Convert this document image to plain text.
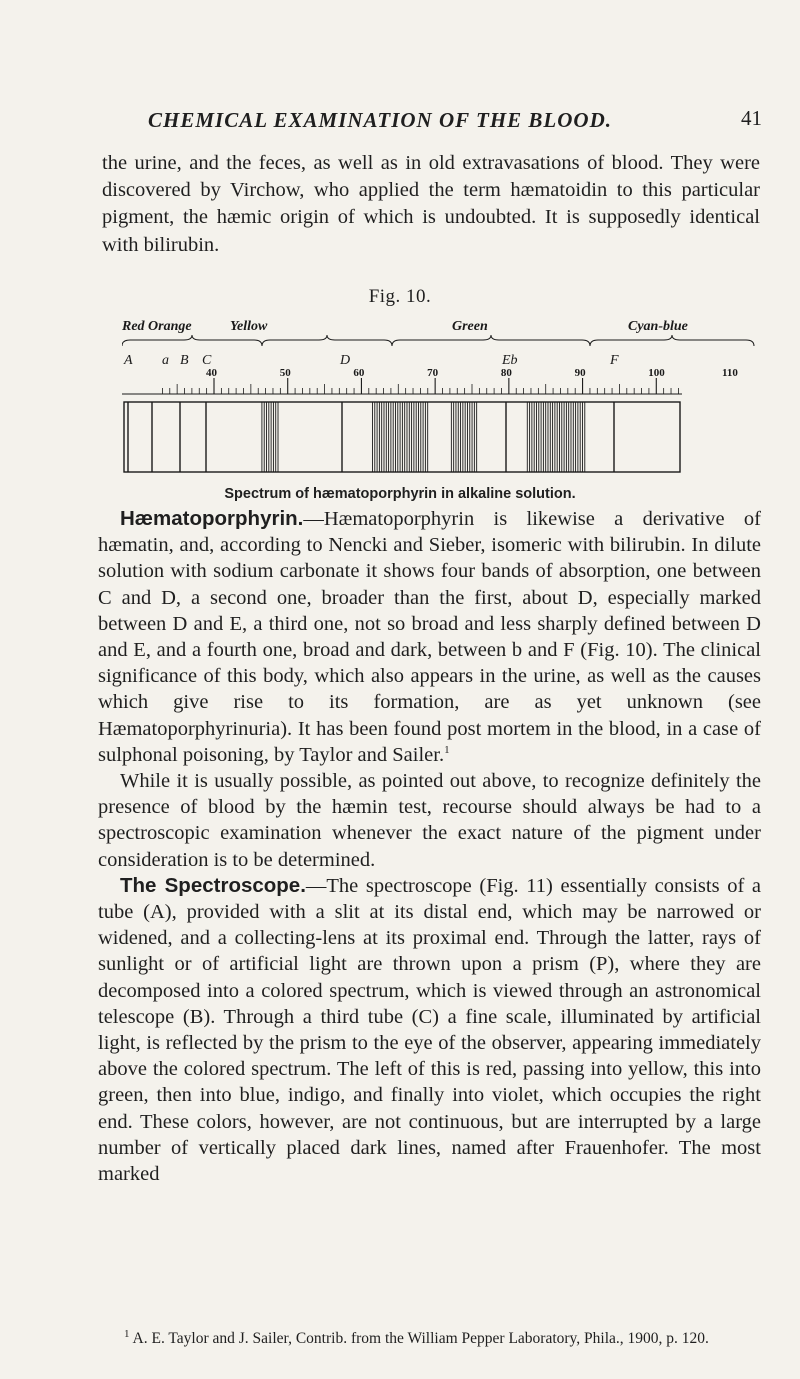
CHEMICAL EXAMINATION OF THE BLOOD.	41

the urine, and the feces, as well as in old extravasations of blood. They were discovered by Virchow, who applied the term hæmatoidin to this particular pigment, the hæmic origin of which is undoubted. It is supposedly identical with bilirubin.

Fig. 10.
Red Orange	Yellow	Green	Cyan-blue
A a B C	D	Eb	F
40	50	60	70	80	90	100	110
Spectrum of hæmatoporphyrin in alkaline solution.

Hæmatoporphyrin.—Hæmatoporphyrin is likewise a derivative of hæmatin, and, according to Nencki and Sieber, isomeric with bilirubin. In dilute solution with sodium carbonate it shows four bands of absorption, one between C and D, a second one, broader than the first, about D, especially marked between D and E, a third one, not so broad and less sharply defined between D and E, and a fourth one, broad and dark, between b and F (Fig. 10). The clinical significance of this body, which also appears in the urine, as well as the causes which give rise to its formation, are as yet unknown (see Hæmatoporphyrinuria). It has been found post mortem in the blood, in a case of sulphonal poisoning, by Taylor and Sailer.$^1$

While it is usually possible, as pointed out above, to recognize definitely the presence of blood by the hæmin test, recourse should always be had to a spectroscopic examination whenever the exact nature of the pigment under consideration is to be determined.

The Spectroscope.—The spectroscope (Fig. 11) essentially consists of a tube (A), provided with a slit at its distal end, which may be narrowed or widened, and a collecting-lens at its proximal end. Through the latter, rays of sunlight or of artificial light are thrown upon a prism (P), where they are decomposed into a colored spectrum, which is viewed through an astronomical telescope (B). Through a third tube (C) a fine scale, illuminated by artificial light, is reflected by the prism to the eye of the observer, appearing immediately above the colored spectrum. The left of this is red, passing into yellow, this into green, then into blue, indigo, and finally into violet, which occupies the right end. These colors, however, are not continuous, but are interrupted by a large number of vertically placed dark lines, named after Frauenhofer. The most marked

$^1$ A. E. Taylor and J. Sailer, Contrib. from the William Pepper Laboratory, Phila., 1900, p. 120.
